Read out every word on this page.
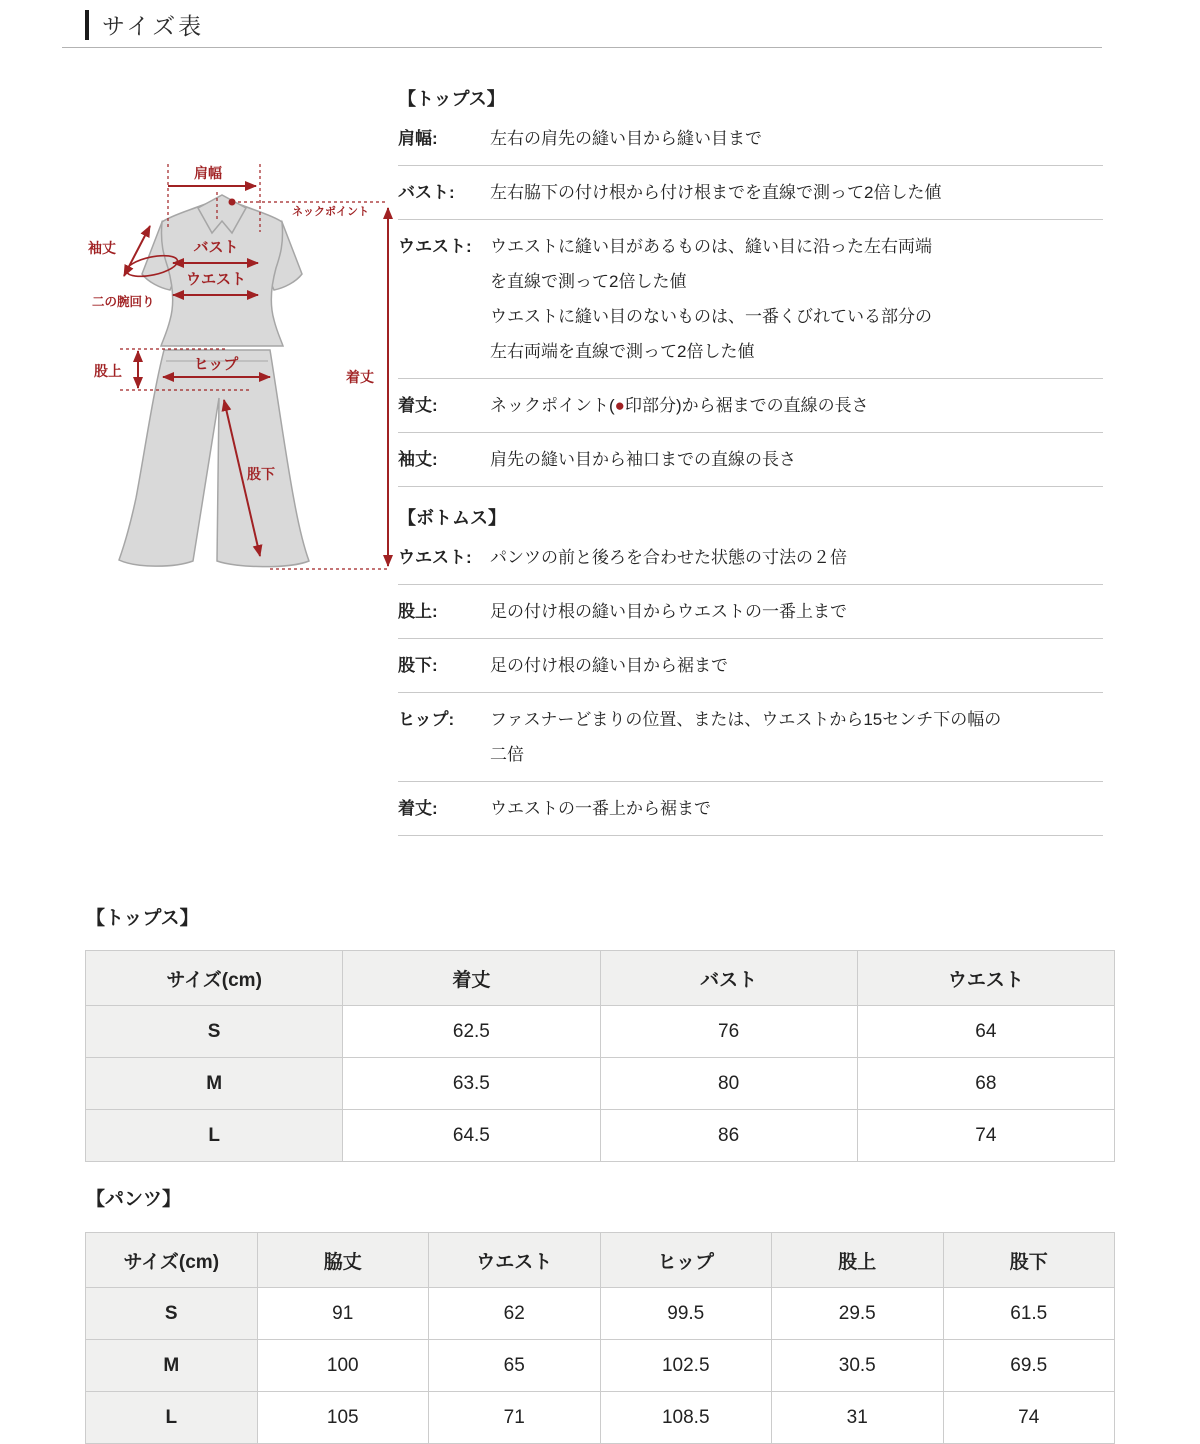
サイズ表
肩幅
ネックポイント
袖丈	バスト
ウエスト
二の腕回り
股上	ヒップ
股下
着丈
【トップス】
肩幅:	左右の肩先の縫い目から縫い目まで
バスト:	左右脇下の付け根から付け根までを直線で測って2倍した値
ウエスト:	ウエストに縫い目があるものは、縫い目に沿った左右両端
を直線で測って2倍した値
ウエストに縫い目のないものは、一番くびれている部分の
左右両端を直線で測って2倍した値
着丈:	ネックポイント(●印部分)から裾までの直線の長さ
袖丈:	肩先の縫い目から袖口までの直線の長さ
【ボトムス】
ウエスト:	パンツの前と後ろを合わせた状態の寸法の２倍
股上:	足の付け根の縫い目からウエストの一番上まで
股下:	足の付け根の縫い目から裾まで
ヒップ:	ファスナーどまりの位置、または、ウエストから15センチ下の幅の
二倍
着丈:	ウエストの一番上から裾まで
【トップス】
サイズ(cm)	着丈	バスト	ウエスト
S	62.5	76	64
M	63.5	80	68
L	64.5	86	74
【パンツ】
サイズ(cm)	脇丈	ウエスト	ヒップ	股上	股下
S	91	62	99.5	29.5	61.5
M	100	65	102.5	30.5	69.5
L	105	71	108.5	31	74
